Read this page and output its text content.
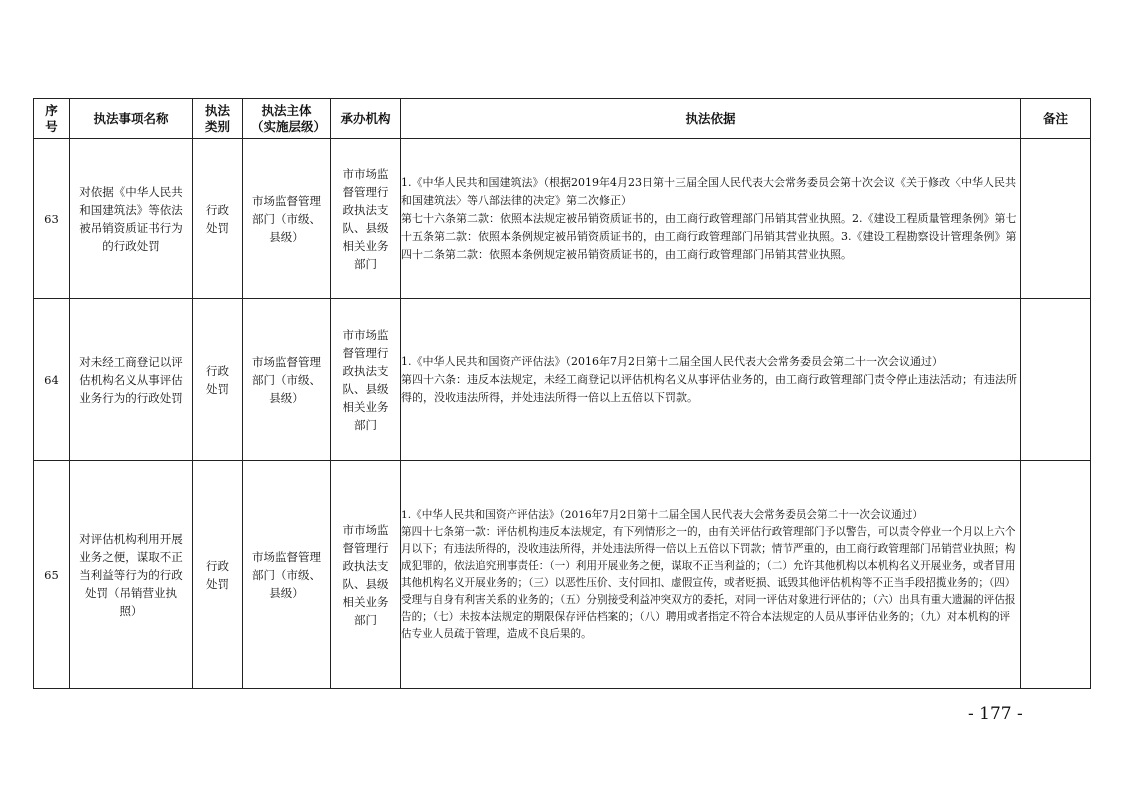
序号	执法事项名称	执法类别	执法主体（实施层级）	承办机构	执法依据	备注
63	对依据《中华人民共和国建筑法》等依法被吊销资质证书行为的行政处罚	行政处罚	市场监督管理部门（市级、县级）	市市场监督管理行政执法支队、县级相关业务部门	1.《中华人民共和国建筑法》（根据2019年4月23日第十三届全国人民代表大会常务委员会第十次会议《关于修改〈中华人民共和国建筑法〉等八部法律的决定》第二次修正）
第七十六条第二款：依照本法规定被吊销资质证书的，由工商行政管理部门吊销其营业执照。2.《建设工程质量管理条例》第七十五条第二款：依照本条例规定被吊销资质证书的，由工商行政管理部门吊销其营业执照。3.《建设工程勘察设计管理条例》第四十二条第二款：依照本条例规定被吊销资质证书的，由工商行政管理部门吊销其营业执照。	
64	对未经工商登记以评估机构名义从事评估业务行为的行政处罚	行政处罚	市场监督管理部门（市级、县级）	市市场监督管理行政执法支队、县级相关业务部门	1.《中华人民共和国资产评估法》（2016年7月2日第十二届全国人民代表大会常务委员会第二十一次会议通过）
第四十六条：违反本法规定，未经工商登记以评估机构名义从事评估业务的，由工商行政管理部门责令停止违法活动；有违法所得的，没收违法所得，并处违法所得一倍以上五倍以下罚款。	
65	对评估机构利用开展业务之便，谋取不正当利益等行为的行政处罚（吊销营业执照）	行政处罚	市场监督管理部门（市级、县级）	市市场监督管理行政执法支队、县级相关业务部门	1.《中华人民共和国资产评估法》（2016年7月2日第十二届全国人民代表大会常务委员会第二十一次会议通过）
第四十七条第一款：评估机构违反本法规定，有下列情形之一的，由有关评估行政管理部门予以警告，可以责令停业一个月以上六个月以下；有违法所得的，没收违法所得，并处违法所得一倍以上五倍以下罚款；情节严重的，由工商行政管理部门吊销营业执照；构成犯罪的，依法追究刑事责任：（一）利用开展业务之便，谋取不正当利益的；（二）允许其他机构以本机构名义开展业务，或者冒用其他机构名义开展业务的；（三）以恶性压价、支付回扣、虚假宣传，或者贬损、诋毁其他评估机构等不正当手段招揽业务的；（四）受理与自身有利害关系的业务的；（五）分别接受利益冲突双方的委托，对同一评估对象进行评估的；（六）出具有重大遗漏的评估报告的；（七）未按本法规定的期限保存评估档案的；（八）聘用或者指定不符合本法规定的人员从事评估业务的；（九）对本机构的评估专业人员疏于管理，造成不良后果的。	
- 177 -
